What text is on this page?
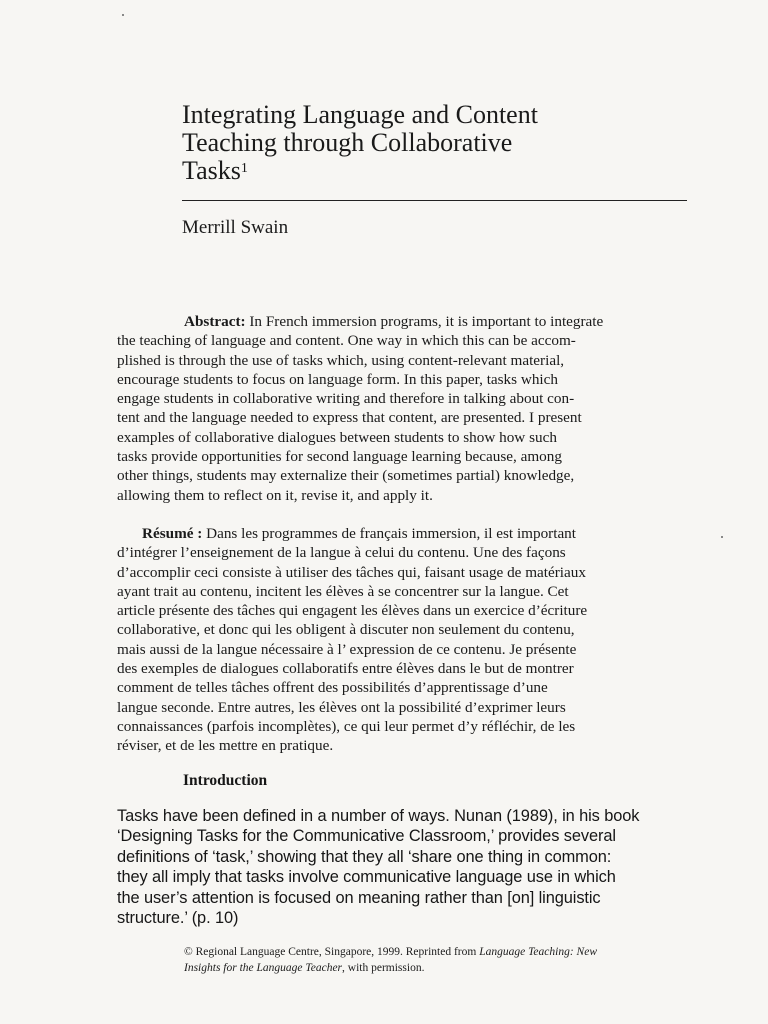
Integrating Language and Content
Teaching through Collaborative
Tasks$^1$
Merrill Swain
Abstract: In French immersion programs, it is important to integrate
the teaching of language and content. One way in which this can be accom-
plished is through the use of tasks which, using content-relevant material,
encourage students to focus on language form. In this paper, tasks which
engage students in collaborative writing and therefore in talking about con-
tent and the language needed to express that content, are presented. I present
examples of collaborative dialogues between students to show how such
tasks provide opportunities for second language learning because, among
other things, students may externalize their (sometimes partial) knowledge,
allowing them to reflect on it, revise it, and apply it.
Résumé : Dans les programmes de français immersion, il est important
d’intégrer l’enseignement de la langue à celui du contenu. Une des façons
d’accomplir ceci consiste à utiliser des tâches qui, faisant usage de matériaux
ayant trait au contenu, incitent les élèves à se concentrer sur la langue. Cet
article présente des tâches qui engagent les élèves dans un exercice d’écriture
collaborative, et donc qui les obligent à discuter non seulement du contenu,
mais aussi de la langue nécessaire à l’ expression de ce contenu. Je présente
des exemples de dialogues collaboratifs entre élèves dans le but de montrer
comment de telles tâches offrent des possibilités d’apprentissage d’une
langue seconde. Entre autres, les élèves ont la possibilité d’exprimer leurs
connaissances (parfois incomplètes), ce qui leur permet d’y réfléchir, de les
réviser, et de les mettre en pratique.
Introduction
Tasks have been defined in a number of ways. Nunan (1989), in his book
‘Designing Tasks for the Communicative Classroom,’ provides several
definitions of ‘task,’ showing that they all ‘share one thing in common:
they all imply that tasks involve communicative language use in which
the user’s attention is focused on meaning rather than [on] linguistic
structure.’ (p. 10)
© Regional Language Centre, Singapore, 1999. Reprinted from Language Teaching: New
Insights for the Language Teacher, with permission.
